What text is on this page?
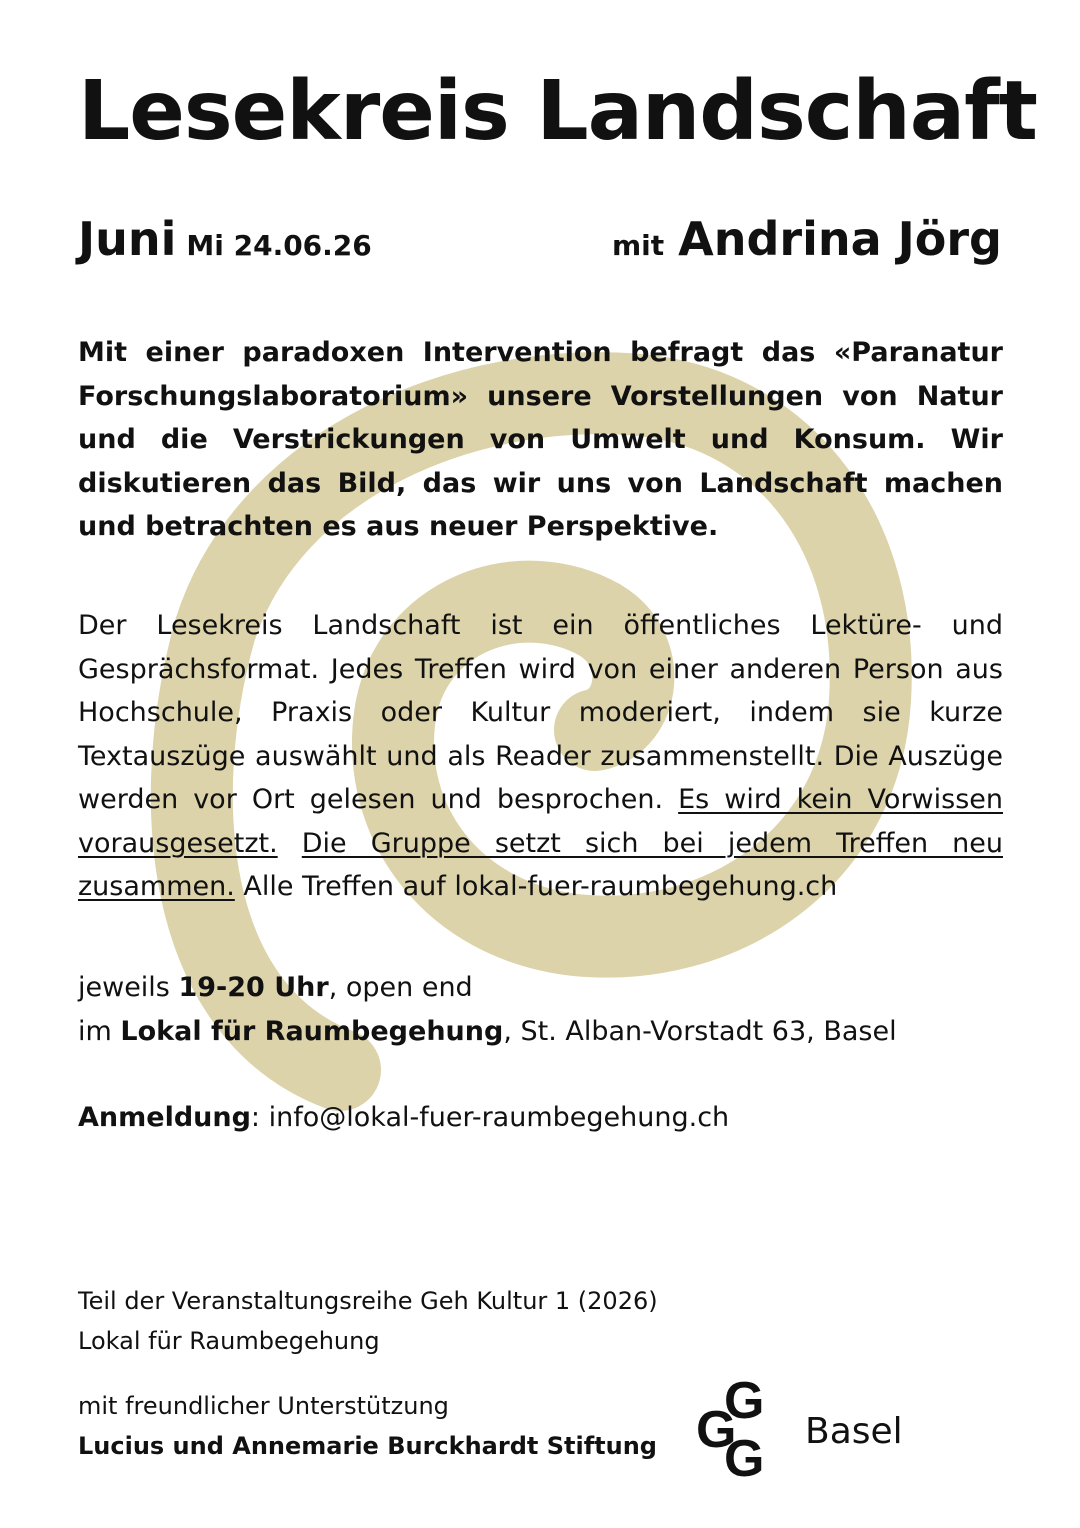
Lesekreis Landschaft
Juni Mi 24.06.26	mit Andrina Jörg

Mit einer paradoxen Intervention befragt das «Paranatur Forschungslaboratorium» unsere Vorstellungen von Natur und die Verstrickungen von Umwelt und Konsum. Wir diskutieren das Bild, das wir uns von Landschaft machen und betrachten es aus neuer Perspektive.

Der Lesekreis Landschaft ist ein öffentliches Lektüre- und Gesprächsformat. Jedes Treffen wird von einer anderen Person aus Hochschule, Praxis oder Kultur moderiert, indem sie kurze Textauszüge auswählt und als Reader zusammenstellt. Die Auszüge werden vor Ort gelesen und besprochen. Es wird kein Vorwissen vorausgesetzt. Die Gruppe setzt sich bei jedem Treffen neu zusammen. Alle Treffen auf lokal-fuer-raumbegehung.ch

jeweils 19-20 Uhr, open end
im Lokal für Raumbegehung, St. Alban-Vorstadt 63, Basel

Anmeldung: info@lokal-fuer-raumbegehung.ch

Teil der Veranstaltungsreihe Geh Kultur 1 (2026)
Lokal für Raumbegehung

mit freundlicher Unterstützung
Lucius und Annemarie Burckhardt Stiftung

G
G
G Basel
